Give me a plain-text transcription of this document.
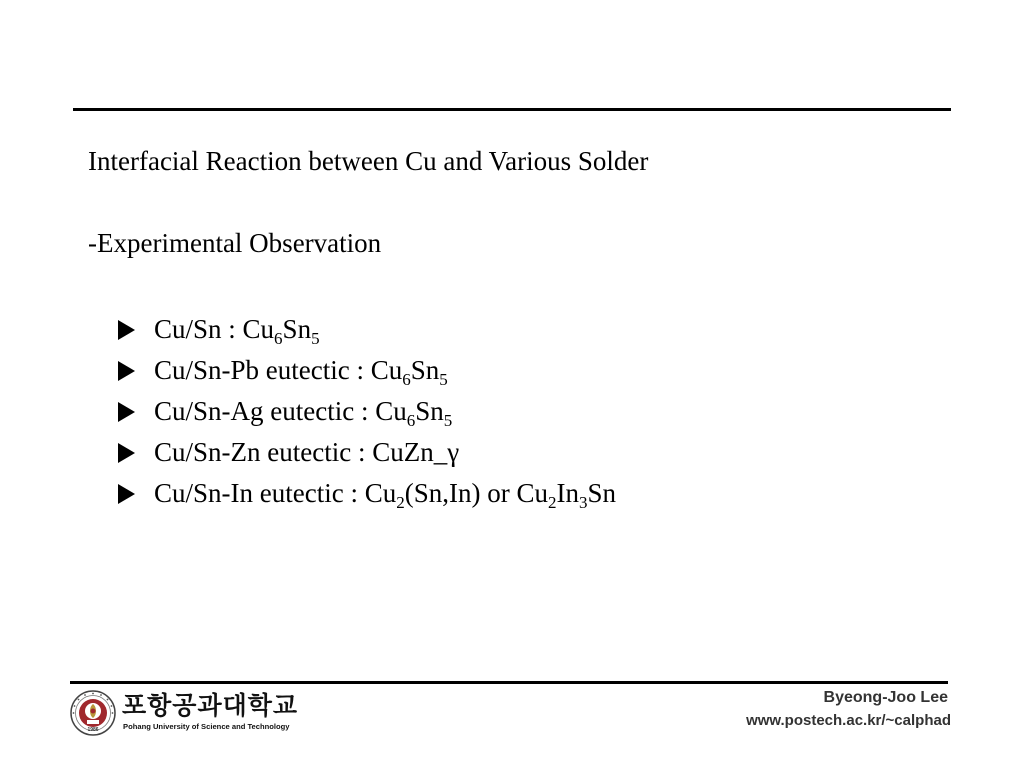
Interfacial Reaction between Cu and Various Solder
-Experimental Observation
Cu/Sn : $Cu_6Sn_5$
Cu/Sn-Pb eutectic : $Cu_6Sn_5$
Cu/Sn-Ag eutectic : $Cu_6Sn_5$
Cu/Sn-Zn eutectic : CuZn_γ
Cu/Sn-In eutectic : $Cu_2(Sn,In)$ or $Cu_2In_3Sn$
1986
포항공과대학교
Pohang University of Science and Technology
Byeong-Joo Lee
www.postech.ac.kr/~calphad
